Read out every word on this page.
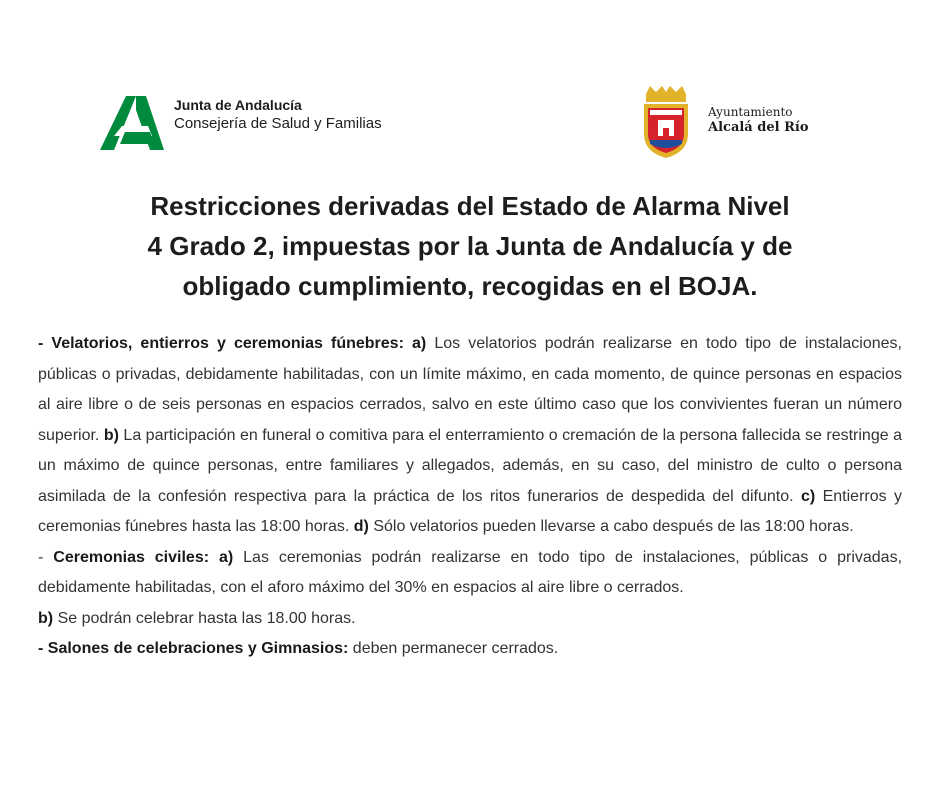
Junta de Andalucía
Consejería de Salud y Familias
Ayuntamiento
Alcalá del Río
Restricciones derivadas del Estado de Alarma Nivel
4 Grado 2, impuestas por la Junta de Andalucía y de
obligado cumplimiento, recogidas en el BOJA.

- Velatorios, entierros y ceremonias fúnebres: a) Los velatorios podrán realizarse en todo tipo de instalaciones, públicas o privadas, debidamente habilitadas, con un límite máximo, en cada momento, de quince personas en espacios al aire libre o de seis personas en espacios cerrados, salvo en este último caso que los convivientes fueran un número superior. b) La participación en funeral o comitiva para el enterramiento o cremación de la persona fallecida se restringe a un máximo de quince personas, entre familiares y allegados, además, en su caso, del ministro de culto o persona asimilada de la confesión respectiva para la práctica de los ritos funerarios de despedida del difunto. c) Entierros y ceremonias fúnebres hasta las 18:00 horas. d) Sólo velatorios pueden llevarse a cabo después de las 18:00 horas.

- Ceremonias civiles: a) Las ceremonias podrán realizarse en todo tipo de instalaciones, públicas o privadas, debidamente habilitadas, con el aforo máximo del 30% en espacios al aire libre o cerrados.

b) Se podrán celebrar hasta las 18.00 horas.

- Salones de celebraciones y Gimnasios: deben permanecer cerrados.
